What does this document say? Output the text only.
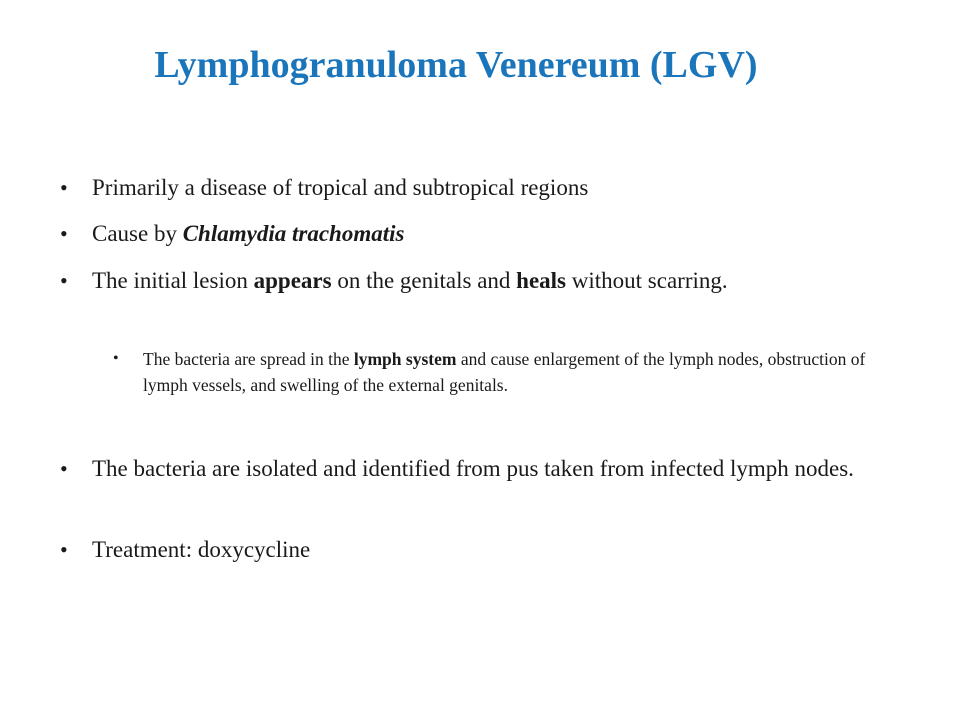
Lymphogranuloma Venereum (LGV)

• Primarily a disease of tropical and subtropical regions

• Cause by Chlamydia trachomatis

• The initial lesion appears on the genitals and heals without scarring.

• The bacteria are spread in the lymph system and cause enlargement of the lymph nodes, obstruction of lymph vessels, and swelling of the external genitals.

• The bacteria are isolated and identified from pus taken from infected lymph nodes.

• Treatment: doxycycline
